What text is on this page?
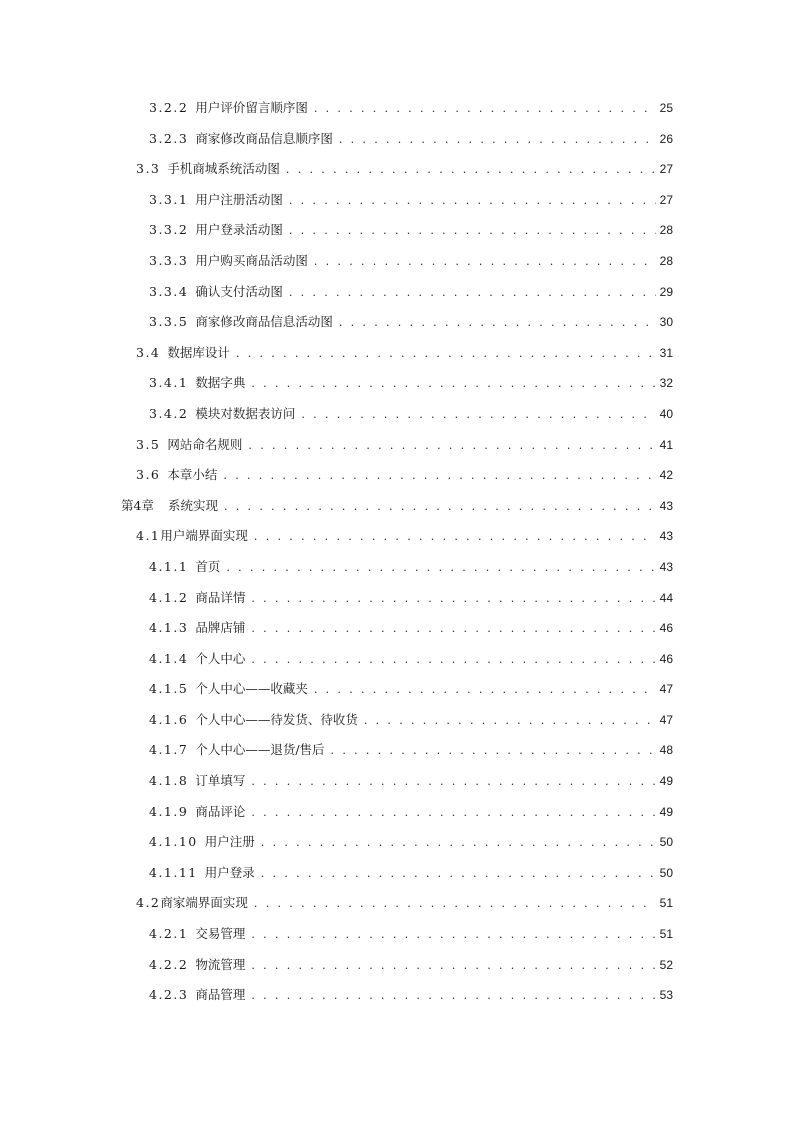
3.2.2 用户评价留言顺序图 . . .	25
3.2.3 商家修改商品信息顺序图 . . .	26
3.3 手机商城系统活动图 . . .	27
3.3.1 用户注册活动图 . . .	27
3.3.2 用户登录活动图 . . .	28
3.3.3 用户购买商品活动图 . . .	28
3.3.4 确认支付活动图 . . .	29
3.3.5 商家修改商品信息活动图 . . .	30
3.4 数据库设计 . . .	31
3.4.1 数据字典 . . .	32
3.4.2 模块对数据表访问 . . .	40
3.5 网站命名规则 . . .	41
3.6 本章小结 . . .	42
第4章 系统实现 . . .	43
4.1 用户端界面实现 . . .	43
4.1.1 首页 . . .	43
4.1.2 商品详情 . . .	44
4.1.3 品牌店铺 . . .	46
4.1.4 个人中心 . . .	46
4.1.5 个人中心——收藏夹 . . .	47
4.1.6 个人中心——待发货、待收货 . . .	47
4.1.7 个人中心——退货/售后 . . .	48
4.1.8 订单填写 . . .	49
4.1.9 商品评论 . . .	49
4.1.10 用户注册 . . .	50
4.1.11 用户登录 . . .	50
4.2 商家端界面实现 . . .	51
4.2.1 交易管理 . . .	51
4.2.2 物流管理 . . .	52
4.2.3 商品管理 . . .	53
